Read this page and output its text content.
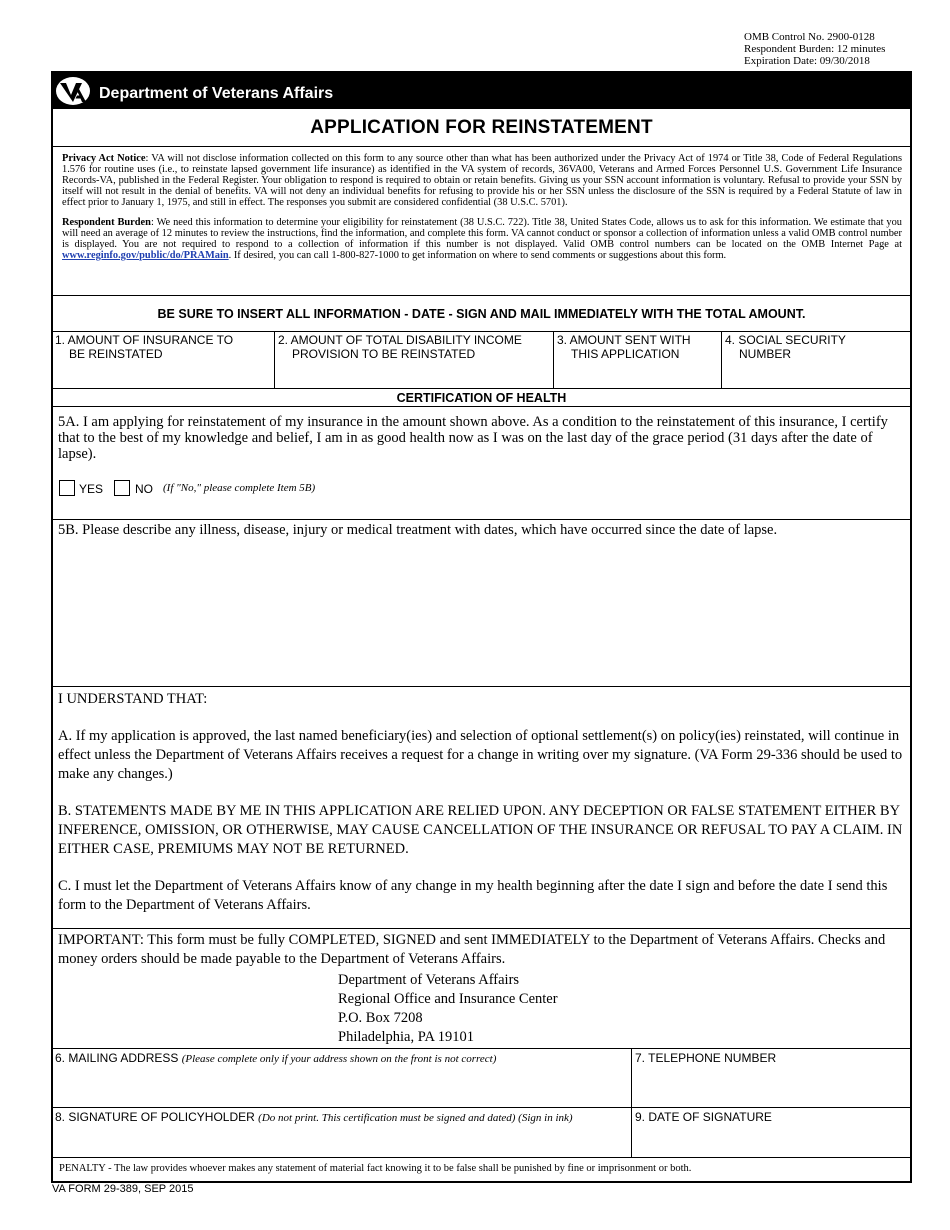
OMB Control No. 2900-0128
Respondent Burden: 12 minutes
Expiration Date: 09/30/2018
Department of Veterans Affairs
APPLICATION FOR REINSTATEMENT

Privacy Act Notice: VA will not disclose information collected on this form to any source other than what has been authorized under the Privacy Act of 1974 or Title 38, Code of Federal Regulations 1.576 for routine uses (i.e., to reinstate lapsed government life insurance) as identified in the VA system of records, 36VA00, Veterans and Armed Forces Personnel U.S. Government Life Insurance Records-VA, published in the Federal Register. Your obligation to respond is required to obtain or retain benefits. Giving us your SSN account information is voluntary. Refusal to provide your SSN by itself will not result in the denial of benefits. VA will not deny an individual benefits for refusing to provide his or her SSN unless the disclosure of the SSN is required by a Federal Statute of law in effect prior to January 1, 1975, and still in effect. The responses you submit are considered confidential (38 U.S.C. 5701).

Respondent Burden: We need this information to determine your eligibility for reinstatement (38 U.S.C. 722). Title 38, United States Code, allows us to ask for this information. We estimate that you will need an average of 12 minutes to review the instructions, find the information, and complete this form. VA cannot conduct or sponsor a collection of information unless a valid OMB control number is displayed. You are not required to respond to a collection of information if this number is not displayed. Valid OMB control numbers can be located on the OMB Internet Page at www.reginfo.gov/public/do/PRAMain. If desired, you can call 1-800-827-1000 to get information on where to send comments or suggestions about this form.

BE SURE TO INSERT ALL INFORMATION - DATE - SIGN AND MAIL IMMEDIATELY WITH THE TOTAL AMOUNT.
1. AMOUNT OF INSURANCE TO
BE REINSTATED
2. AMOUNT OF TOTAL DISABILITY INCOME
PROVISION TO BE REINSTATED
3. AMOUNT SENT WITH
THIS APPLICATION
4. SOCIAL SECURITY
NUMBER
CERTIFICATION OF HEALTH
5A. I am applying for reinstatement of my insurance in the amount shown above. As a condition to the reinstatement of this insurance, I certify that to the best of my knowledge and belief, I am in as good health now as I was on the last day of the grace period (31 days after the date of lapse).
YES	NO (If "No," please complete Item 5B)
5B. Please describe any illness, disease, injury or medical treatment with dates, which have occurred since the date of lapse.

I UNDERSTAND THAT:

A. If my application is approved, the last named beneficiary(ies) and selection of optional settlement(s) on policy(ies) reinstated, will continue in effect unless the Department of Veterans Affairs receives a request for a change in writing over my signature. (VA Form 29-336 should be used to make any changes.)

B. STATEMENTS MADE BY ME IN THIS APPLICATION ARE RELIED UPON. ANY DECEPTION OR FALSE STATEMENT EITHER BY INFERENCE, OMISSION, OR OTHERWISE, MAY CAUSE CANCELLATION OF THE INSURANCE OR REFUSAL TO PAY A CLAIM. IN EITHER CASE, PREMIUMS MAY NOT BE RETURNED.

C. I must let the Department of Veterans Affairs know of any change in my health beginning after the date I sign and before the date I send this form to the Department of Veterans Affairs.

IMPORTANT: This form must be fully COMPLETED, SIGNED and sent IMMEDIATELY to the Department of Veterans Affairs. Checks and money orders should be made payable to the Department of Veterans Affairs.
Department of Veterans Affairs
Regional Office and Insurance Center
P.O. Box 7208
Philadelphia, PA 19101
6. MAILING ADDRESS (Please complete only if your address shown on the front is not correct)	7. TELEPHONE NUMBER
8. SIGNATURE OF POLICYHOLDER (Do not print. This certification must be signed and dated) (Sign in ink)	9. DATE OF SIGNATURE
PENALTY - The law provides whoever makes any statement of material fact knowing it to be false shall be punished by fine or imprisonment or both.
VA FORM 29-389, SEP 2015
